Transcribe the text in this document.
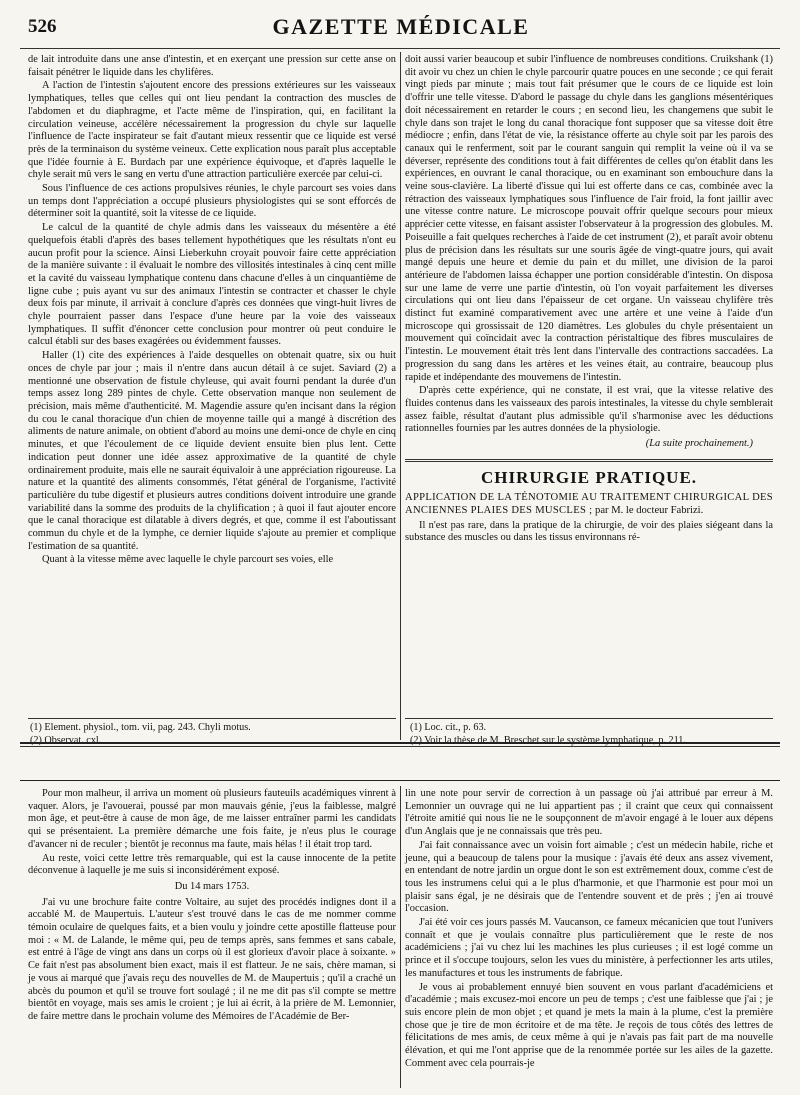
526	GAZETTE MÉDICALE

de lait introduite dans une anse d'intestin, et en exerçant une pression sur cette anse on faisait pénétrer le liquide dans les chylifères.

A l'action de l'intestin s'ajoutent encore des pressions extérieures sur les vaisseaux lymphatiques, telles que celles qui ont lieu pendant la contraction des muscles de l'abdomen et du diaphragme, et l'acte même de l'inspiration, qui, en facilitant la circulation veineuse, accélère nécessairement la progression du chyle sur laquelle l'influence de l'acte inspirateur se fait d'autant mieux ressentir que ce liquide est versé près de la terminaison du système veineux. Cette explication nous paraît plus acceptable que l'idée fournie à E. Burdach par une expérience équivoque, et d'après laquelle le chyle serait mû vers le sang en vertu d'une attraction particulière exercée par celui-ci.

Sous l'influence de ces actions propulsives réunies, le chyle parcourt ses voies dans un temps dont l'appréciation a occupé plusieurs physiologistes qui se sont efforcés de déterminer soit la quantité, soit la vitesse de ce liquide.

Le calcul de la quantité de chyle admis dans les vaisseaux du mésentère a été quelquefois établi d'après des bases tellement hypothétiques que les résultats n'ont eu aucun profit pour la science. Ainsi Lieberkuhn croyait pouvoir faire cette appréciation de la manière suivante : il évaluait le nombre des villosités intestinales à cinq cent mille et la cavité du vaisseau lymphatique contenu dans chacune d'elles à un cinquantième de ligne cube ; puis ayant vu sur des animaux l'intestin se contracter et chasser le chyle deux fois par minute, il arrivait à conclure d'après ces données que vingt-huit livres de chyle pourraient passer dans l'espace d'une heure par la voie des vaisseaux lymphatiques. Il suffit d'énoncer cette conclusion pour montrer où peut conduire le calcul établi sur des bases exagérées ou évidemment fausses.

Haller (1) cite des expériences à l'aide desquelles on obtenait quatre, six ou huit onces de chyle par jour ; mais il n'entre dans aucun détail à ce sujet. Saviard (2) a mentionné une observation de fistule chyleuse, qui avait fourni pendant la durée d'un temps assez long 289 pintes de chyle. Cette observation manque non seulement de précision, mais même d'authenticité. M. Magendie assure qu'en incisant dans la région du cou le canal thoracique d'un chien de moyenne taille qui a mangé à discrétion des aliments de nature animale, on obtient d'abord au moins une demi-once de chyle en cinq minutes, et que l'écoulement de ce liquide devient ensuite bien plus lent. Cette indication peut donner une idée assez approximative de la quantité de chyle ordinairement produite, mais elle ne saurait équivaloir à une appréciation rigoureuse. La nature et la quantité des aliments consommés, l'état général de l'organisme, l'activité particulière du tube digestif et plusieurs autres conditions doivent introduire une grande variabilité dans la somme des produits de la chylification ; à quoi il faut ajouter encore que le canal thoracique est dilatable à divers degrés, et que, comme il est l'aboutissant commun du chyle et de la lymphe, ce dernier liquide s'ajoute au premier et complique l'estimation de sa quantité.

Quant à la vitesse même avec laquelle le chyle parcourt ses voies, elle

doit aussi varier beaucoup et subir l'influence de nombreuses conditions. Cruikshank (1) dit avoir vu chez un chien le chyle parcourir quatre pouces en une seconde ; ce qui ferait vingt pieds par minute ; mais tout fait présumer que le cours de ce liquide est loin d'offrir une telle vitesse. D'abord le passage du chyle dans les ganglions mésentériques doit nécessairement en retarder le cours ; en second lieu, les changemens que subit le chyle dans son trajet le long du canal thoracique font supposer que sa vitesse doit être médiocre ; enfin, dans l'état de vie, la résistance offerte au chyle soit par les parois des canaux qui le renferment, soit par le courant sanguin qui remplit la veine où il va se déverser, représente des conditions tout à fait différentes de celles qu'on établit dans les expériences, en ouvrant le canal thoracique, ou en examinant son embouchure dans la veine sous-clavière. La liberté d'issue qui lui est offerte dans ce cas, combinée avec la rétraction des vaisseaux lymphatiques sous l'influence de l'air froid, la font jaillir avec une vitesse contre nature. Le microscope pouvait offrir quelque secours pour mieux apprécier cette vitesse, en faisant assister l'observateur à la progression des globules. M. Poiseuille a fait quelques recherches à l'aide de cet instrument (2), et paraît avoir obtenu plus de précision dans les résultats sur une souris âgée de vingt-quatre jours, qui avait mangé depuis une heure et demie du pain et du millet, une division de la paroi antérieure de l'abdomen laissa échapper une portion considérable d'intestin. On disposa sur une lame de verre une partie d'intestin, où l'on voyait parfaitement les diverses circulations qui ont lieu dans l'épaisseur de cet organe. Un vaisseau chylifère très distinct fut examiné comparativement avec une artère et une veine à l'aide d'un microscope qui grossissait de 120 diamètres. Les globules du chyle présentaient un mouvement qui coïncidait avec la contraction péristaltique des fibres musculaires de l'intestin. Le mouvement était très lent dans l'intervalle des contractions saccadées. La progression du sang dans les artères et les veines était, au contraire, beaucoup plus rapide et indépendante des mouvemens de l'intestin.

D'après cette expérience, qui ne constate, il est vrai, que la vitesse relative des fluides contenus dans les vaisseaux des parois intestinales, la vitesse du chyle semblerait assez faible, résultat d'autant plus admissible qu'il s'harmonise avec les déductions rationnelles fournies par les autres données de la physiologie.

(La suite prochainement.)
CHIRURGIE PRATIQUE.
APPLICATION DE LA TÉNOTOMIE AU TRAITEMENT CHIRURGICAL DES ANCIENNES PLAIES DES MUSCLES ; par M. le docteur Fabrizi.

Il n'est pas rare, dans la pratique de la chirurgie, de voir des plaies siégeant dans la substance des muscles ou dans les tissus environnans ré-

(1) Element. physiol., tom. vii, pag. 243. Chyli motus.
(2) Observat. cxl.
(1) Loc. cit., p. 63.
(2) Voir la thèse de M. Breschet sur le système lymphatique, p. 211.

Pour mon malheur, il arriva un moment où plusieurs fauteuils académiques vinrent à vaquer. Alors, je l'avouerai, poussé par mon mauvais génie, j'eus la faiblesse, malgré mon âge, et peut-être à cause de mon âge, de me laisser entraîner parmi les candidats qui se présentaient. La première démarche une fois faite, je n'eus plus le courage d'avancer ni de reculer ; bientôt je reconnus ma faute, mais hélas ! il était trop tard.

Au reste, voici cette lettre très remarquable, qui est la cause innocente de la petite déconvenue à laquelle je me suis si inconsidérément exposé.

Du 14 mars 1753.

J'ai vu une brochure faite contre Voltaire, au sujet des procédés indignes dont il a accablé M. de Maupertuis. L'auteur s'est trouvé dans le cas de me nommer comme témoin oculaire de quelques faits, et a bien voulu y joindre cette apostille flatteuse pour moi : « M. de Lalande, le même qui, peu de temps après, sans femmes et sans cabale, est entré à l'âge de vingt ans dans un corps où il est glorieux d'avoir place à soixante. » Ce fait n'est pas absolument bien exact, mais il est flatteur. Je ne sais, chère maman, si je vous ai marqué que j'avais reçu des nouvelles de M. de Maupertuis ; qu'il a craché un abcès du poumon et qu'il se trouve fort soulagé ; il ne me dit pas s'il compte se mettre bientôt en voyage, mais ses amis le croient ; je lui ai écrit, à la prière de M. Lemonnier, de faire mettre dans le prochain volume des Mémoires de l'Académie de Ber-

lin une note pour servir de correction à un passage où j'ai attribué par erreur à M. Lemonnier un ouvrage qui ne lui appartient pas ; il craint que ceux qui connaissent l'étroite amitié qui nous lie ne le soupçonnent de m'avoir engagé à le louer aux dépens d'un Anglais que je ne connaissais que très peu.

J'ai fait connaissance avec un voisin fort aimable ; c'est un médecin habile, riche et jeune, qui a beaucoup de talens pour la musique : j'avais été deux ans assez vivement, en entendant de notre jardin un orgue dont le son est extrêmement doux, comme c'est de tous les instrumens celui qui a le plus d'harmonie, et que l'harmonie est pour moi un plaisir sans égal, je ne désirais que de l'entendre souvent et de près ; j'en ai trouvé l'occasion.

J'ai été voir ces jours passés M. Vaucanson, ce fameux mécanicien que tout l'univers connaît et que je voulais connaître plus particulièrement que le reste de nos académiciens ; j'ai vu chez lui les machines les plus curieuses ; il est logé comme un prince et il s'occupe toujours, selon les vues du ministère, à perfectionner les arts utiles, les manufactures et tous les instruments de fabrique.

Je vous ai probablement ennuyé bien souvent en vous parlant d'académiciens et d'académie ; mais excusez-moi encore un peu de temps ; c'est une faiblesse que j'ai ; je suis encore plein de mon objet ; et quand je mets la main à la plume, c'est la première chose que je tire de mon écritoire et de ma tête. Je reçois de tous côtés des lettres de félicitations de mes amis, de ceux même à qui je n'avais pas fait part de ma nouvelle élévation, et qui me l'ont apprise que de la renommée portée sur les ailes de la gazette. Comment avec cela pourrais-je
